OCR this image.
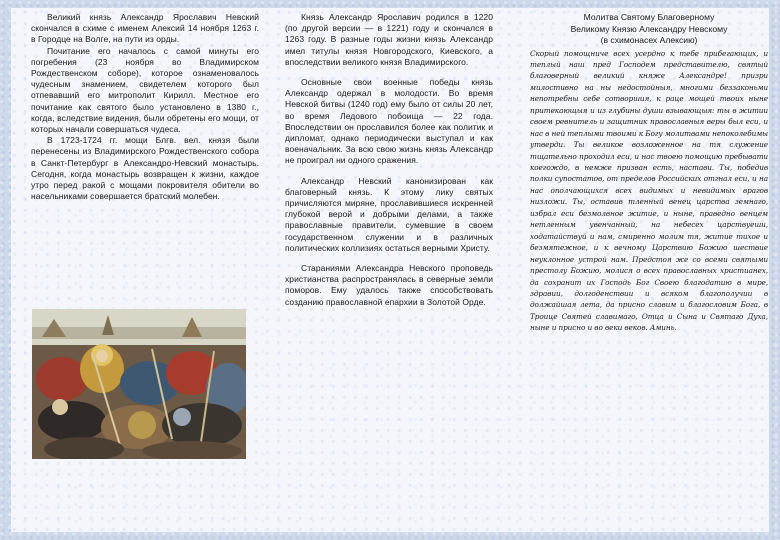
Великий князь Александр Ярославич Невский скончался в схиме с именем Алексий 14 ноября 1263 г. в Городце на Волге, на пути из орды.

Почитание его началось с самой минуты его погребения (23 ноября во Владимирском Рождественском соборе), которое ознаменовалось чудесным знамением, свидетелем которого был отпевавший его митрополит Кирилл. Местное его почитание как святого было установлено в 1380 г., когда, вследствие видения, были обретены его мощи, от которых начали совершаться чудеса.

В 1723-1724 гг. мощи Блгв. вел. князя были перенесены из Владимирского Рождественского собора в Санкт-Петербург в Александро-Невский монастырь. Сегодня, когда монастырь возвращен к жизни, каждое утро перед ракой с мощами покровителя обители во насельниками совершается братский молебен.

Князь Александр Ярославич родился в 1220 (по другой версии — в 1221) году и скончался в 1263 году. В разные годы жизни князь Александр имел титулы князя Новгородского, Киевского, а впоследствии великого князя Владимирского.

Основные свои военные победы князь Александр одержал в молодости. Во время Невской битвы (1240 год) ему было от силы 20 лет, во время Ледового побоища — 22 года. Впоследствии он прославился более как политик и дипломат, однако периодически выступал и как военачальник. За всю свою жизнь князь Александр не проиграл ни одного сражения.

Александр Невский канонизирован как благоверный князь. К этому лику святых причисляются миряне, прославившиеся искренней глубокой верой и добрыми делами, а также православные правители, сумевшие в своем государственном служении и в различных политических коллизиях остаться верными Христу.

Стараниями Александра Невского проповедь христианства распространялась в северные земли поморов. Ему удалось также способствовать созданию православной епархии в Золотой Орде.

Молитва Святому Благоверному

Великому Князю Александру Невскому

(в схимонасех Алексию)

Скорый помощниче всех усердно к тебе прибегающих, и теплый наш пред Господем представителю, святый благоверный великий княже Александре! призри милостивно на ны недостойныя, многими беззаконьми непотребны себе сотворшия, к раце мощей твоих ныне притекающыя и из глубины души взывающыя: ты в житии своем ревнитель и защитник православныя веры был еси, и нас в ней теплыми твоими к Богу молитвами непоколебимы утверди. Ты великое возложенное на тя служение тщательно проходил еси, и нас твоею помощию пребывати коегождо, в немже призван есть, настави. Ты, победив полки супостатов, от пределов Российских отгнал еси, и на нас ополчающихся всех видимых и невидимых врагов низложи. Ты, оставив тленный венец царства земнаго, избрал еси безмолвное житие, и ныне, праведно венцем нетленным увенчанный, на небесех царствуеши, ходатайствуй и нам, смиренно молим тя, житие тихое и безмятежное, и к вечному Царствию Божию шествие неуклонное устрой нам. Предстоя же со всеми святыми престолу Божию, молися о всех православных христианех, да сохранит их Господь Бог Своею благодатию в мире, здравии, долгоденствии и всяком благополучии в должайшая лета, да присно славим и благословим Бога, в Троице Святей славимаго, Отца и Сына и Святаго Духа, ныне и присно и во веки веков. Аминь.
